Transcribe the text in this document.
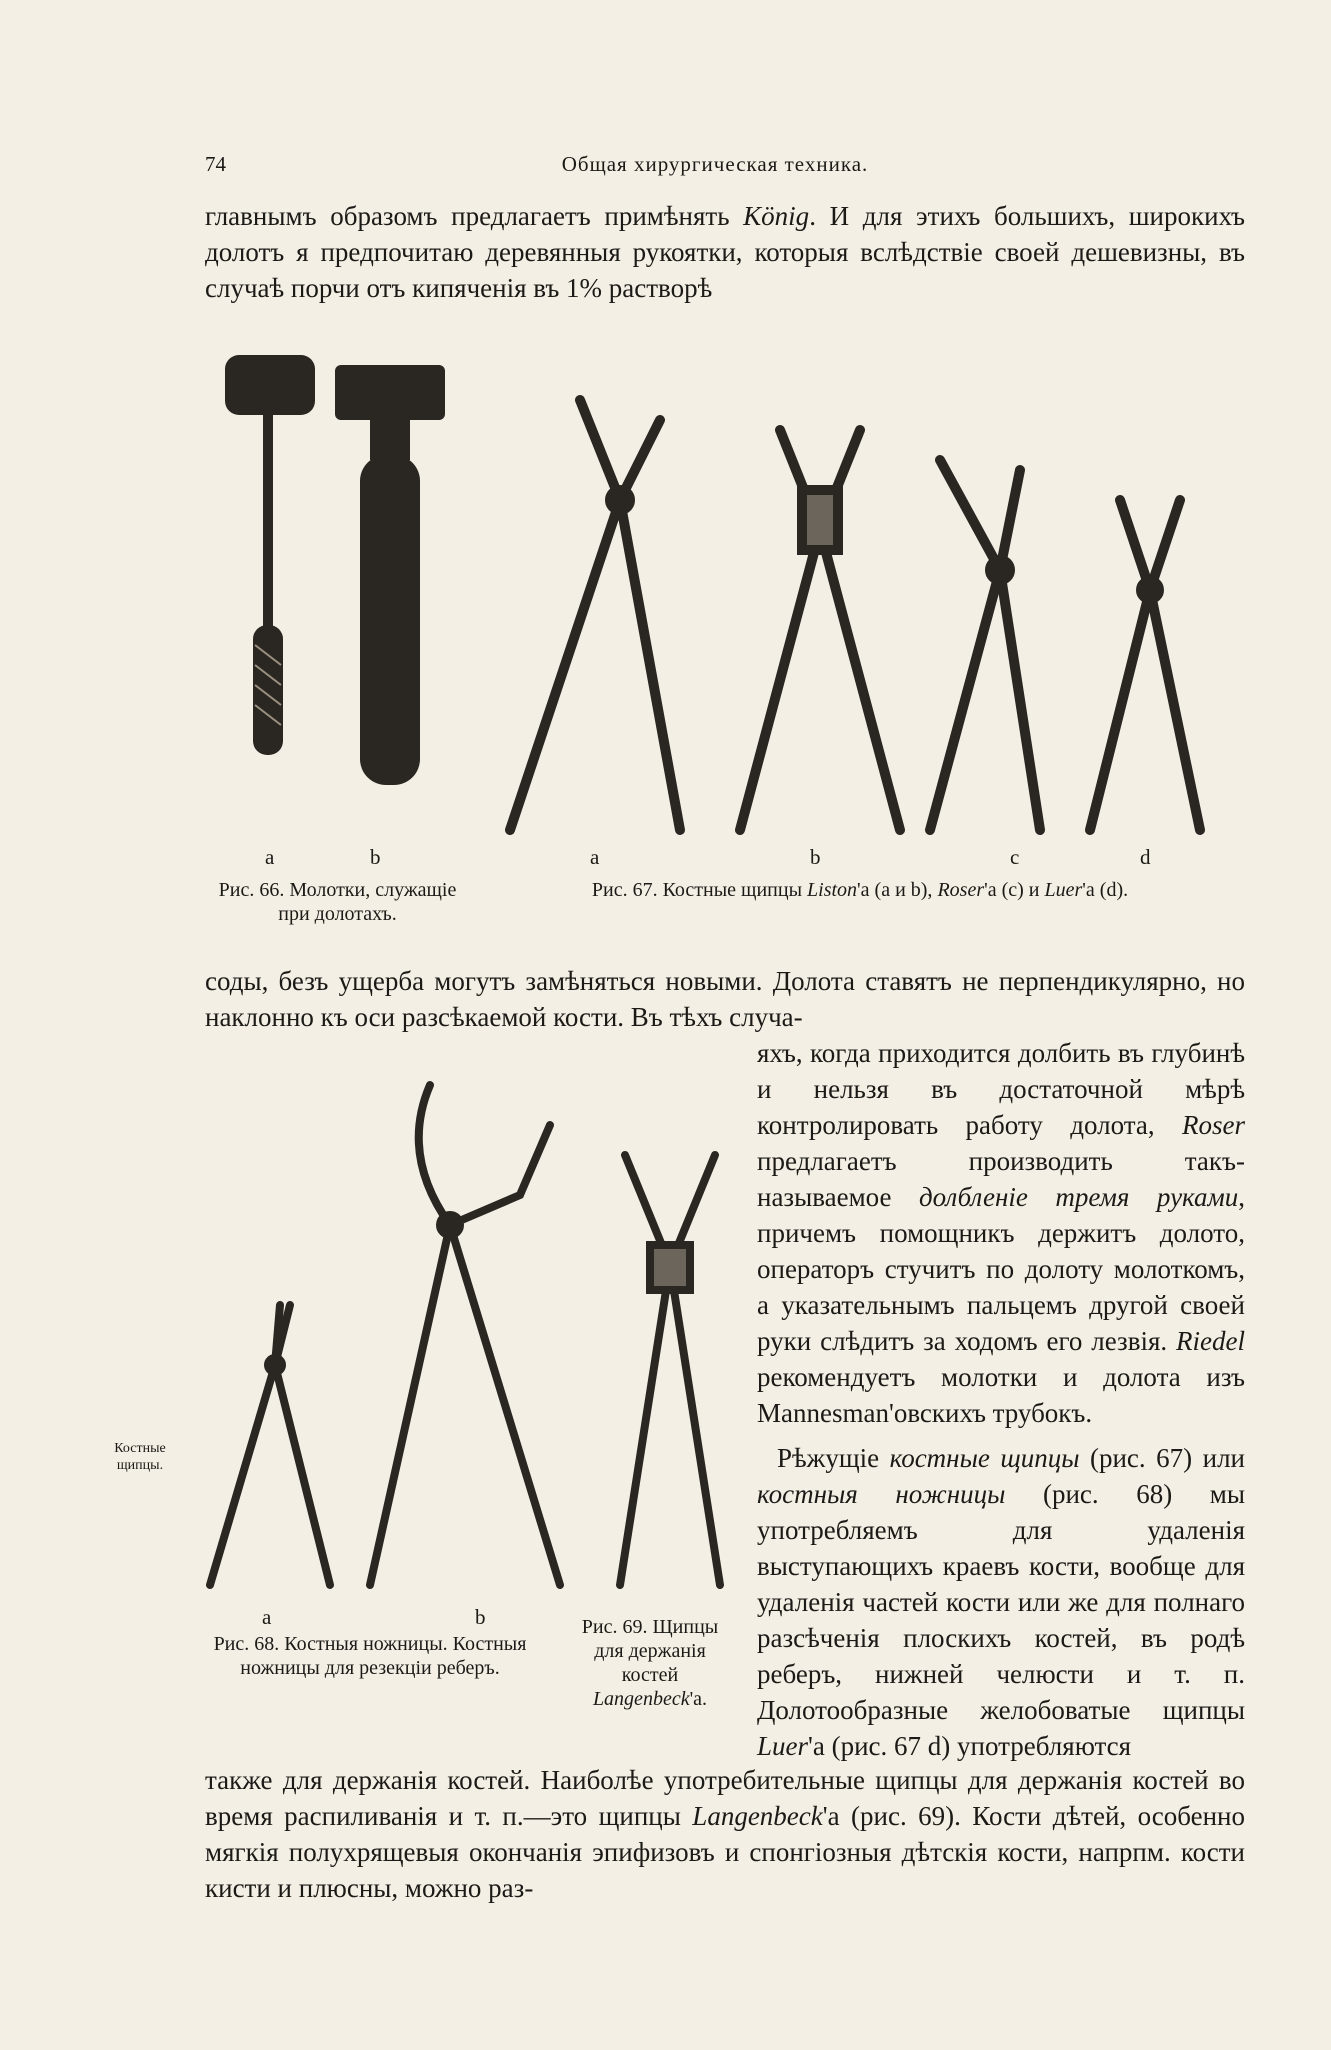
74	Общая хирургическая техника.
главнымъ образомъ предлагаетъ примѣнять König. И для этихъ большихъ, широкихъ долотъ я предпочитаю деревянныя рукоятки, которыя вслѣдствіе своей дешевизны, въ случаѣ порчи отъ кипяченія въ 1% растворѣ
a	b
Рис. 66. Молотки, служащіе при долотахъ.
a	b	c	d
Рис. 67. Костные щипцы Liston'а (a и b), Roser'а (c) и Luer'а (d).
соды, безъ ущерба могутъ замѣняться новыми. Долота ставятъ не перпендикулярно, но наклонно къ оси разсѣкаемой кости. Въ тѣхъ случа-
яхъ, когда приходится долбить въ глубинѣ и нельзя въ достаточной мѣрѣ контролировать работу долота, Roser предлагаетъ производить такъ-называемое долбленіе тремя руками, причемъ помощникъ держитъ долото, операторъ стучитъ по долоту молоткомъ, а указательнымъ пальцемъ другой своей руки слѣдитъ за ходомъ его лезвія. Riedel рекомендуетъ молотки и долота изъ Mannesman'овскихъ трубокъ.
Рѣжущіе костные щипцы (рис. 67) или костныя ножницы (рис. 68) мы употребляемъ для удаленія выступающихъ краевъ кости, вообще для удаленія частей кости или же для полнаго разсѣченія плоскихъ костей, въ родѣ реберъ, нижней челюсти и т. п. Долотообразные желобоватые щипцы Luer'а (рис. 67 d) употребляются
Костные щипцы.
a	b
Рис. 68. Костныя ножницы. Костныя ножницы для резекціи реберъ.
Рис. 69. Щипцы для держанія костей Langenbeck'а.
также для держанія костей. Наиболѣе употребительные щипцы для держанія костей во время распиливанія и т. п.—это щипцы Langenbeck'а (рис. 69). Кости дѣтей, особенно мягкія полухрящевыя окончанія эпифизовъ и спонгіозныя дѣтскія кости, напрпм. кости кисти и плюсны, можно раз-
